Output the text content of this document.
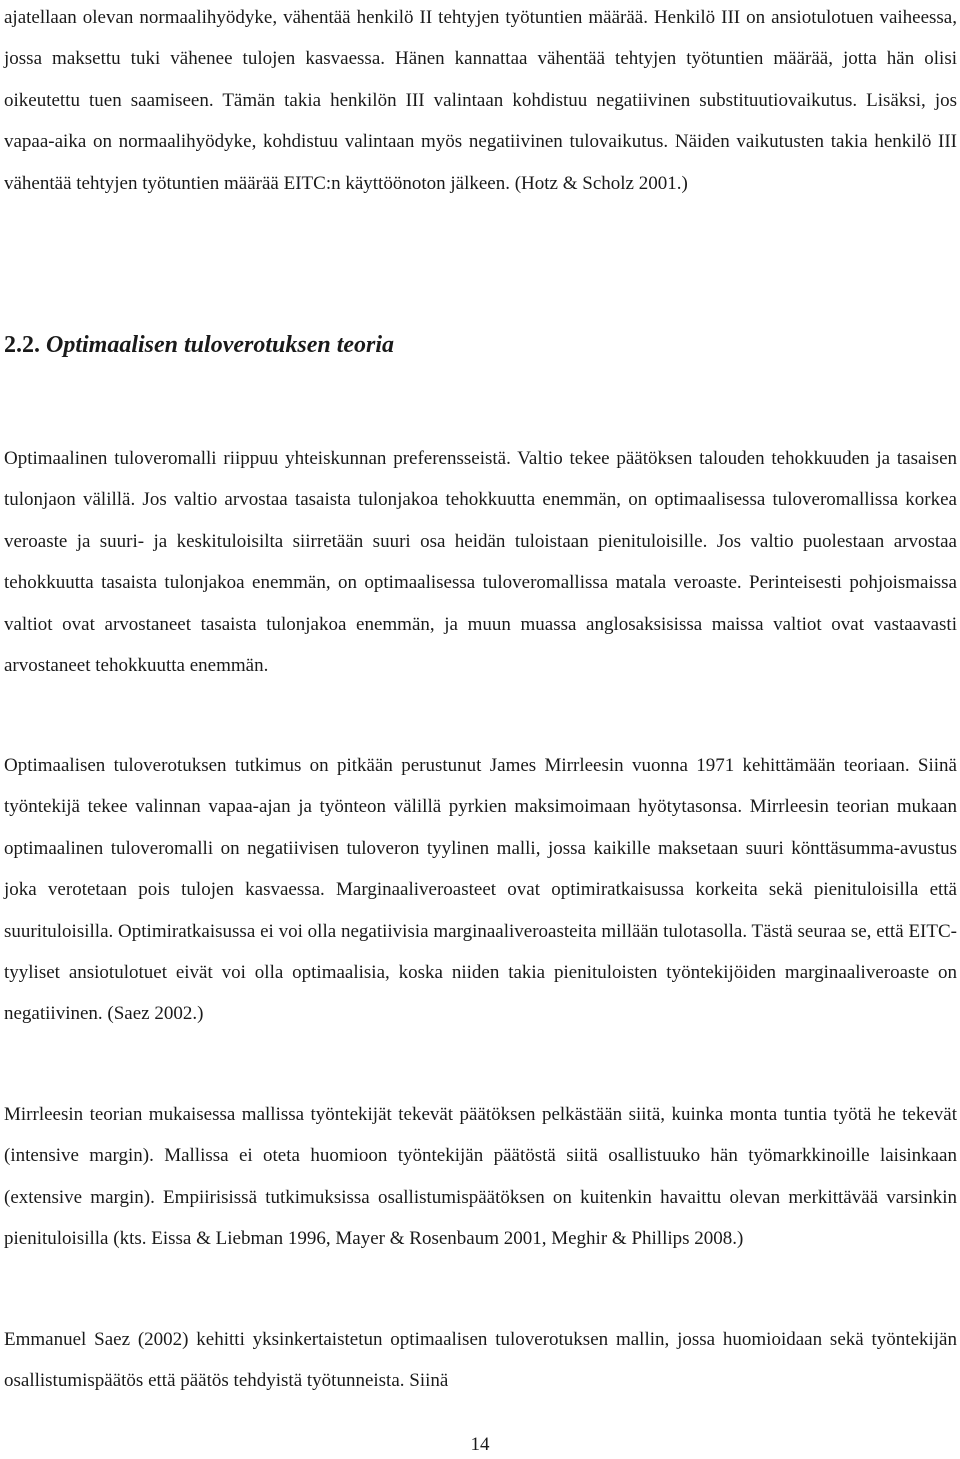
ajatellaan olevan normaalihyödyke, vähentää henkilö II tehtyjen työtuntien määrää. Henkilö III on ansiotulotuen vaiheessa, jossa maksettu tuki vähenee tulojen kasvaessa. Hänen kannattaa vähentää tehtyjen työtuntien määrää, jotta hän olisi oikeutettu tuen saamiseen. Tämän takia henkilön III valintaan kohdistuu negatiivinen substituutiovaikutus. Lisäksi, jos vapaa-aika on normaalihyödyke, kohdistuu valintaan myös negatiivinen tulovaikutus. Näiden vaikutusten takia henkilö III vähentää tehtyjen työtuntien määrää EITC:n käyttöönoton jälkeen. (Hotz & Scholz 2001.)

2.2. Optimaalisen tuloverotuksen teoria

Optimaalinen tuloveromalli riippuu yhteiskunnan preferensseistä. Valtio tekee päätöksen talouden tehokkuuden ja tasaisen tulonjaon välillä. Jos valtio arvostaa tasaista tulonjakoa tehokkuutta enemmän, on optimaalisessa tuloveromallissa korkea veroaste ja suuri- ja keskituloisilta siirretään suuri osa heidän tuloistaan pienituloisille. Jos valtio puolestaan arvostaa tehokkuutta tasaista tulonjakoa enemmän, on optimaalisessa tuloveromallissa matala veroaste. Perinteisesti pohjoismaissa valtiot ovat arvostaneet tasaista tulonjakoa enemmän, ja muun muassa anglosaksisissa maissa valtiot ovat vastaavasti arvostaneet tehokkuutta enemmän.

Optimaalisen tuloverotuksen tutkimus on pitkään perustunut James Mirrleesin vuonna 1971 kehittämään teoriaan. Siinä työntekijä tekee valinnan vapaa-ajan ja työnteon välillä pyrkien maksimoimaan hyötytasonsa. Mirrleesin teorian mukaan optimaalinen tuloveromalli on negatiivisen tuloveron tyylinen malli, jossa kaikille maksetaan suuri könttäsumma-avustus joka verotetaan pois tulojen kasvaessa. Marginaaliveroasteet ovat optimiratkaisussa korkeita sekä pienituloisilla että suurituloisilla. Optimiratkaisussa ei voi olla negatiivisia marginaaliveroasteita millään tulotasolla. Tästä seuraa se, että EITC-tyyliset ansiotulotuet eivät voi olla optimaalisia, koska niiden takia pienituloisten työntekijöiden marginaaliveroaste on negatiivinen. (Saez 2002.)

Mirrleesin teorian mukaisessa mallissa työntekijät tekevät päätöksen pelkästään siitä, kuinka monta tuntia työtä he tekevät (intensive margin). Mallissa ei oteta huomioon työntekijän päätöstä siitä osallistuuko hän työmarkkinoille laisinkaan (extensive margin). Empiirisissä tutkimuksissa osallistumispäätöksen on kuitenkin havaittu olevan merkittävää varsinkin pienituloisilla (kts. Eissa & Liebman 1996, Mayer & Rosenbaum 2001, Meghir & Phillips 2008.)

Emmanuel Saez (2002) kehitti yksinkertaistetun optimaalisen tuloverotuksen mallin, jossa huomioidaan sekä työntekijän osallistumispäätös että päätös tehdyistä työtunneista. Siinä

14
